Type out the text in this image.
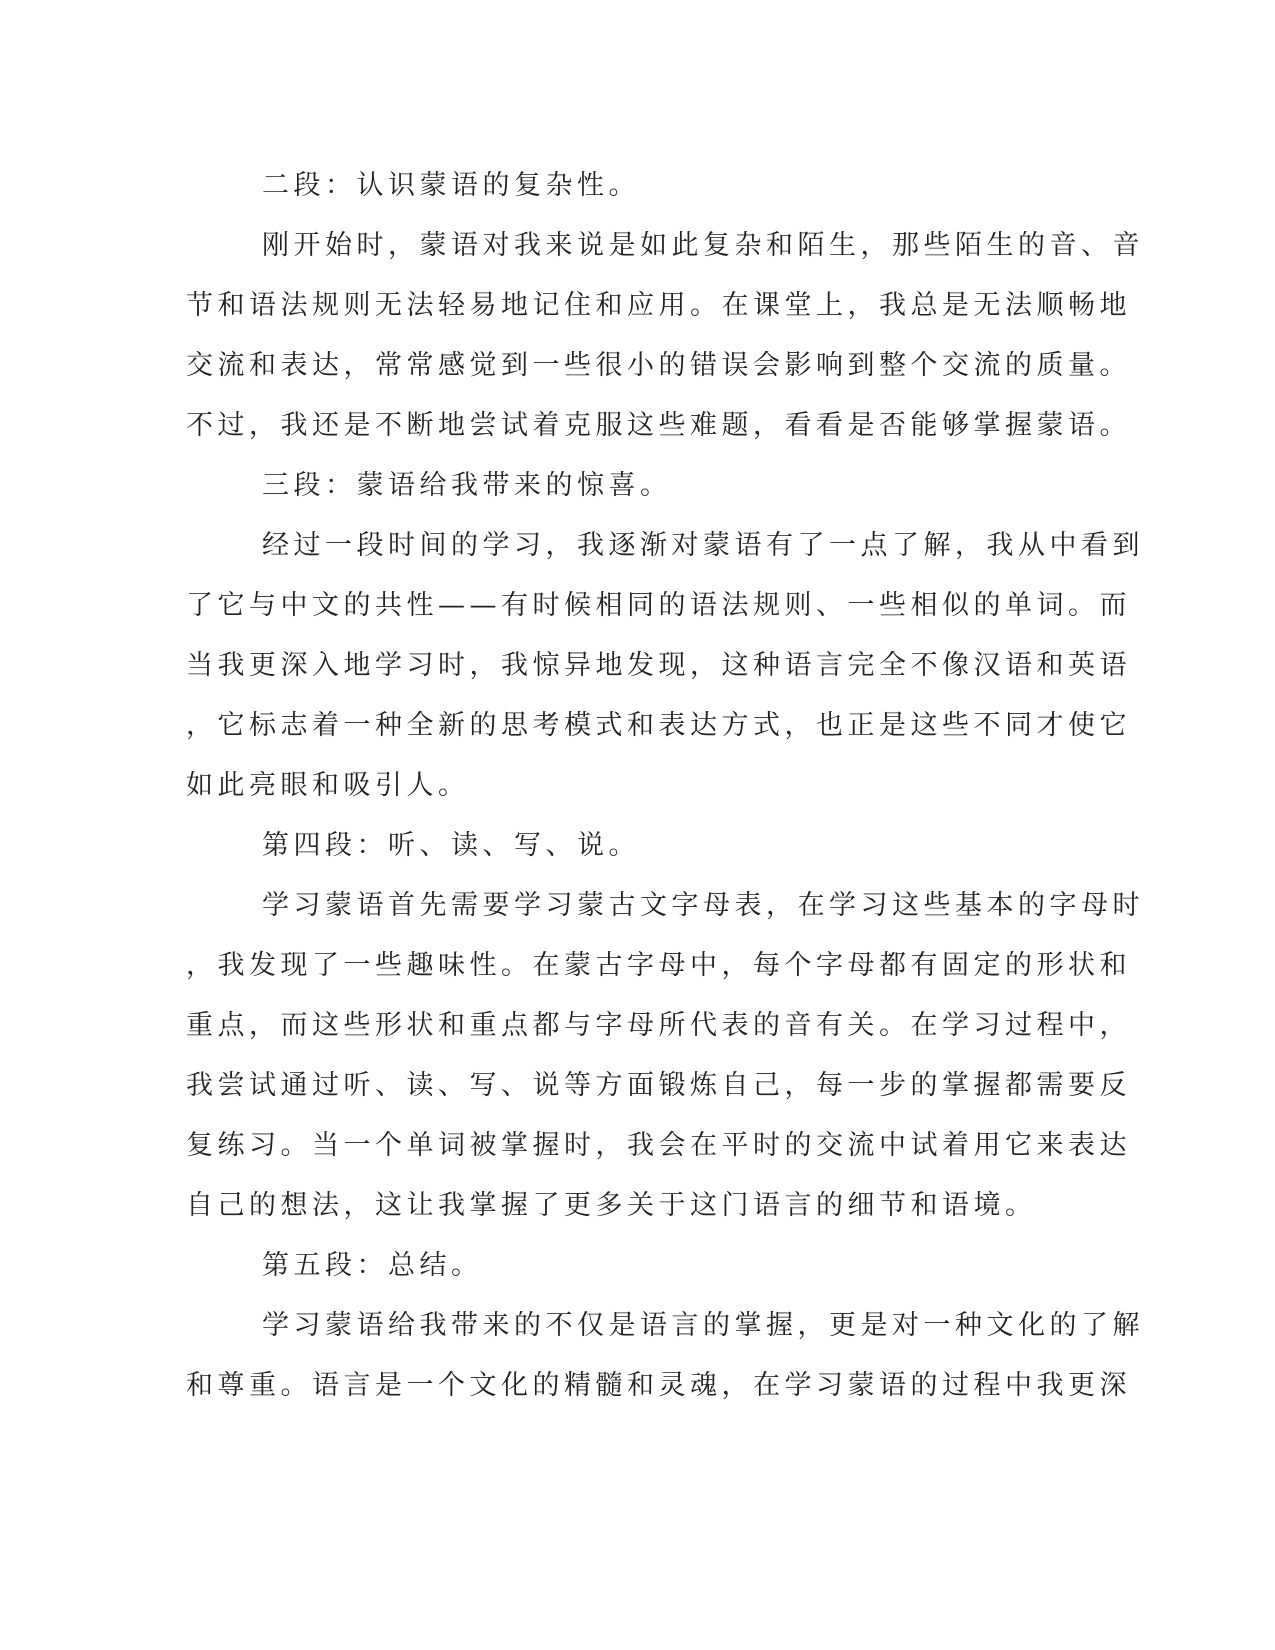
二段：认识蒙语的复杂性。
刚开始时，蒙语对我来说是如此复杂和陌生，那些陌生的音、音
节和语法规则无法轻易地记住和应用。在课堂上，我总是无法顺畅地
交流和表达，常常感觉到一些很小的错误会影响到整个交流的质量。
不过，我还是不断地尝试着克服这些难题，看看是否能够掌握蒙语。
三段：蒙语给我带来的惊喜。
经过一段时间的学习，我逐渐对蒙语有了一点了解，我从中看到
了它与中文的共性——有时候相同的语法规则、一些相似的单词。而
当我更深入地学习时，我惊异地发现，这种语言完全不像汉语和英语
，它标志着一种全新的思考模式和表达方式，也正是这些不同才使它
如此亮眼和吸引人。
第四段：听、读、写、说。
学习蒙语首先需要学习蒙古文字母表，在学习这些基本的字母时
，我发现了一些趣味性。在蒙古字母中，每个字母都有固定的形状和
重点，而这些形状和重点都与字母所代表的音有关。在学习过程中，
我尝试通过听、读、写、说等方面锻炼自己，每一步的掌握都需要反
复练习。当一个单词被掌握时，我会在平时的交流中试着用它来表达
自己的想法，这让我掌握了更多关于这门语言的细节和语境。
第五段：总结。
学习蒙语给我带来的不仅是语言的掌握，更是对一种文化的了解
和尊重。语言是一个文化的精髓和灵魂，在学习蒙语的过程中我更深
